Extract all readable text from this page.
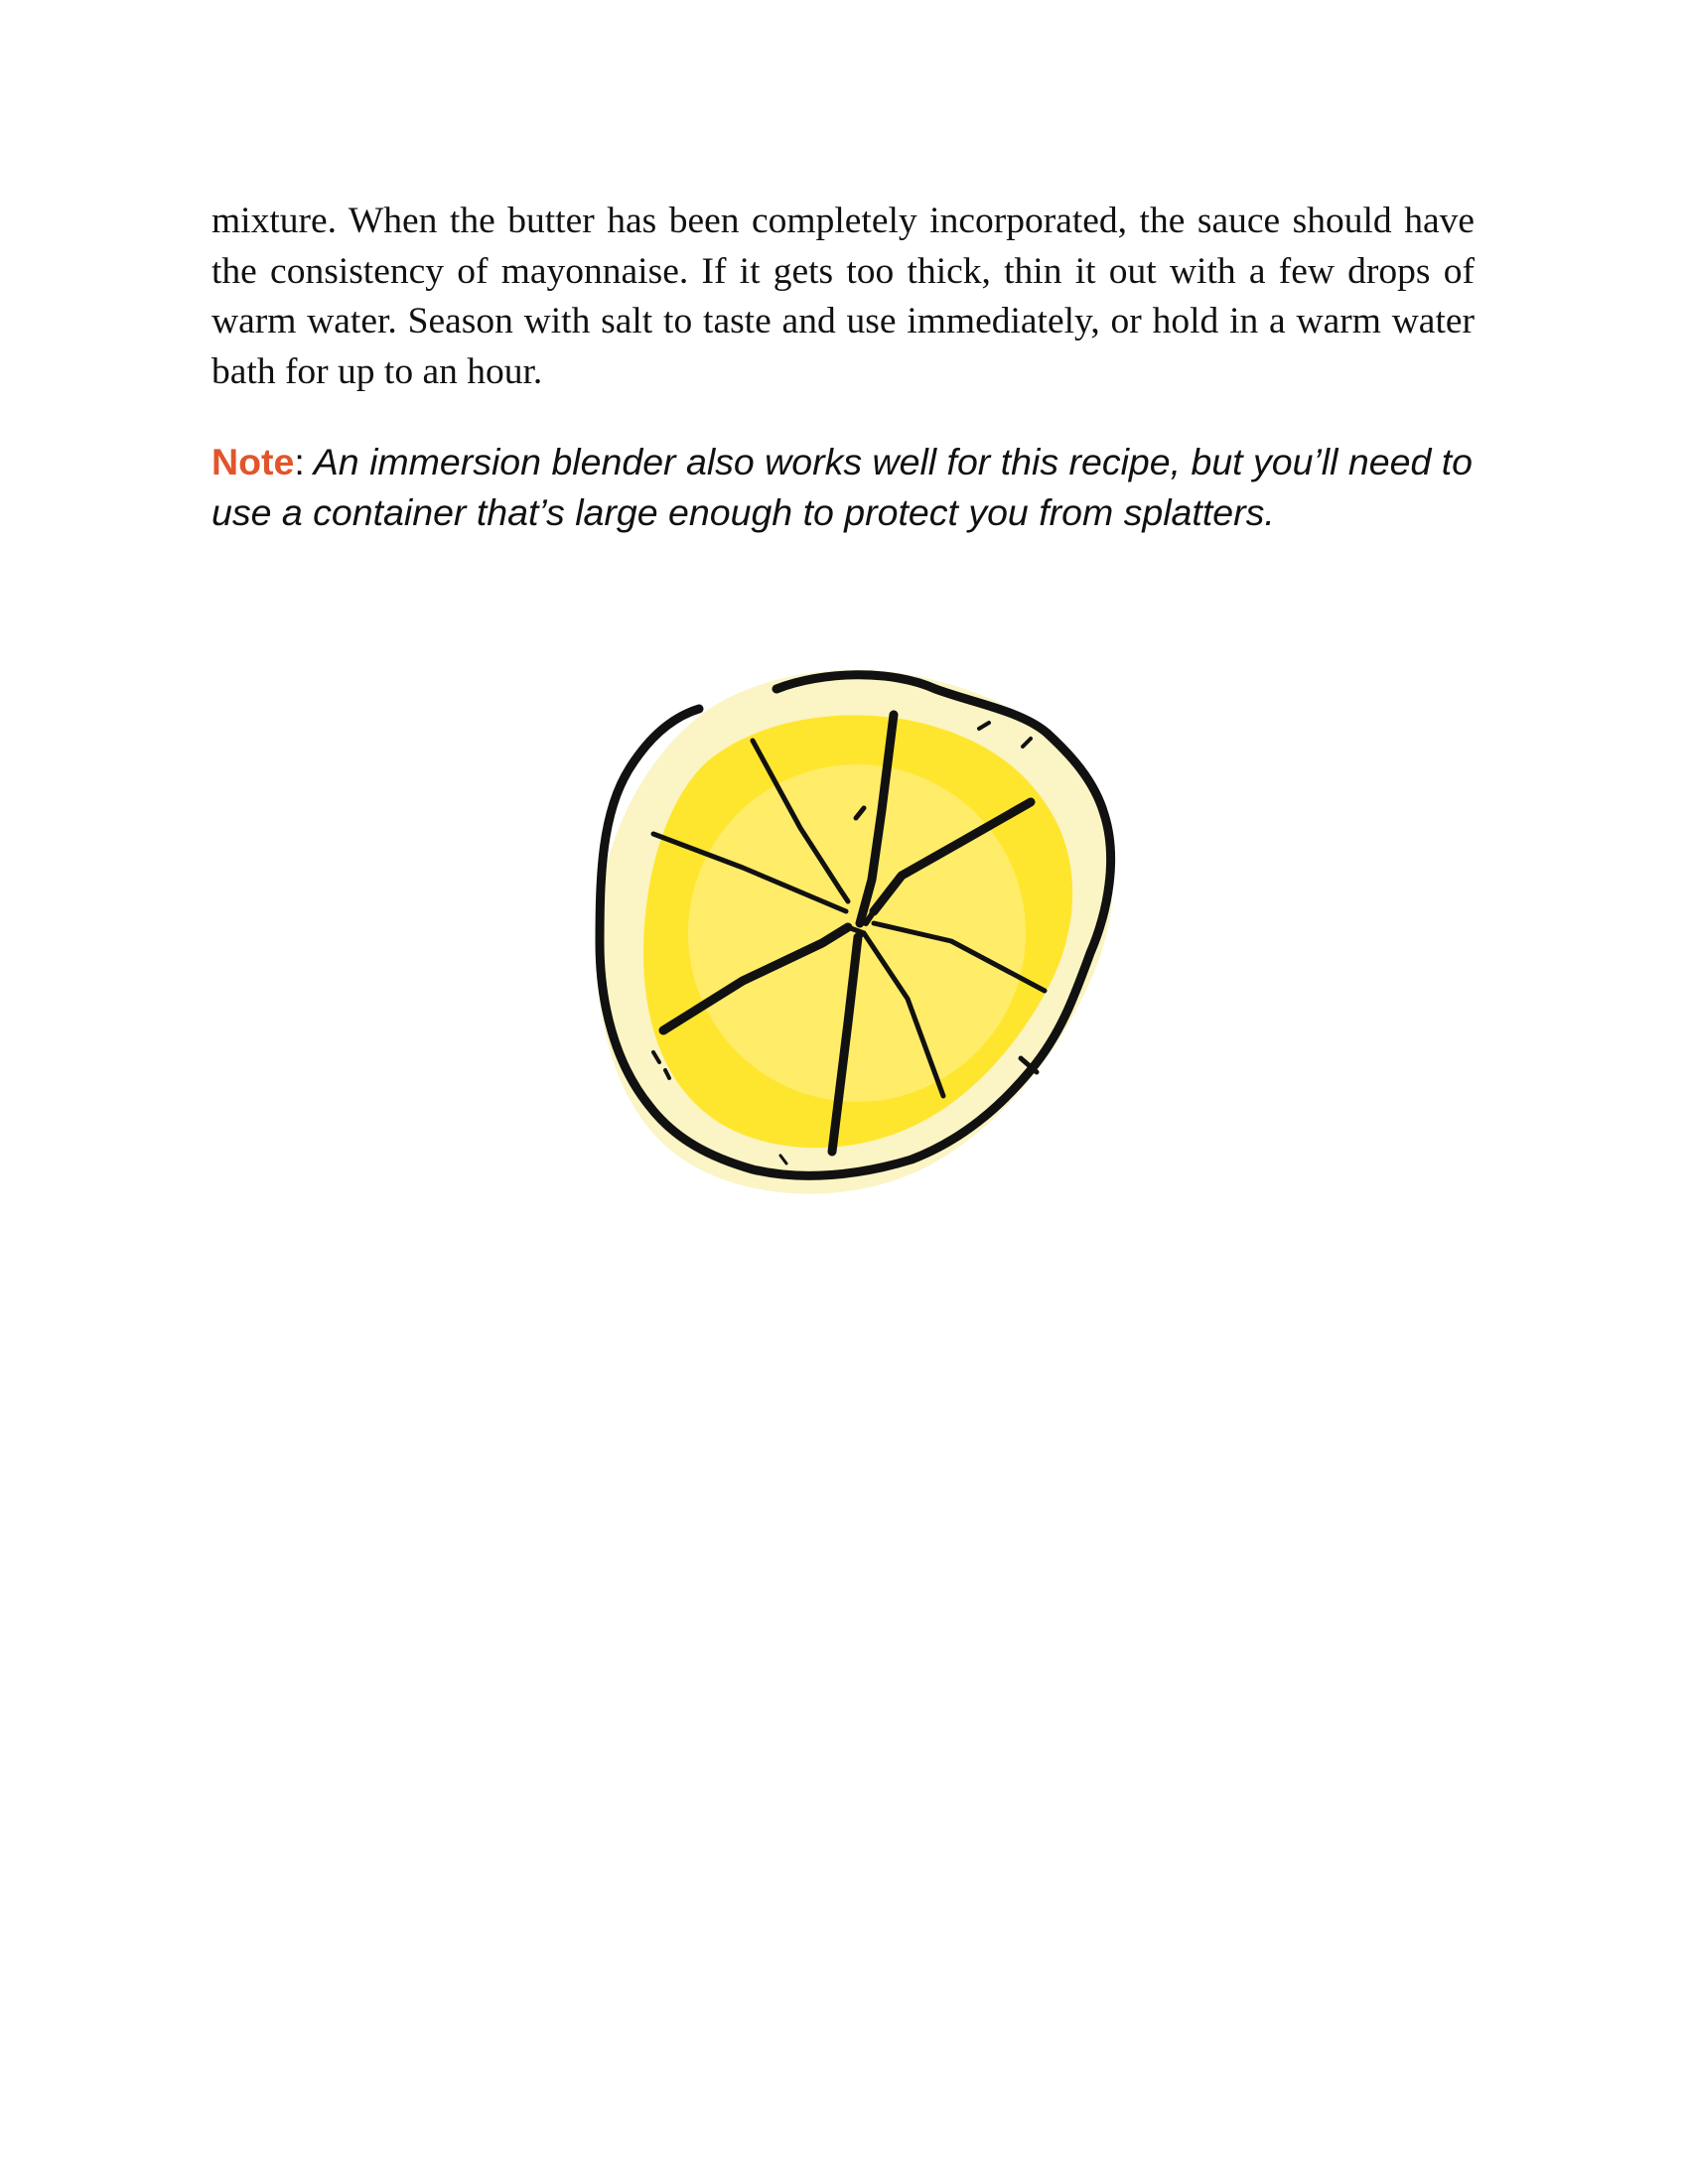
mixture. When the butter has been completely incorporated, the sauce should have the consistency of mayonnaise. If it gets too thick, thin it out with a few drops of warm water. Season with salt to taste and use immediately, or hold in a warm water bath for up to an hour.

Note: An immersion blender also works well for this recipe, but you’ll need to use a container that’s large enough to protect you from splatters.
